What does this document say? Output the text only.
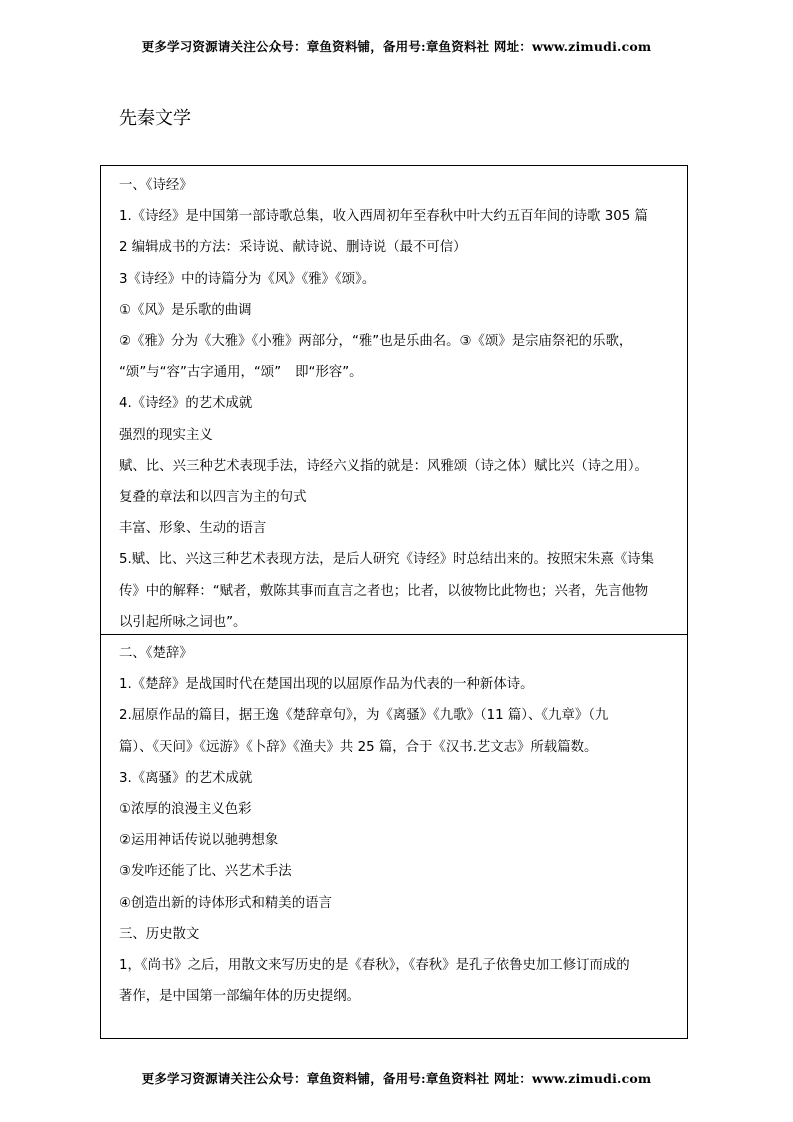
更多学习资源请关注公众号：章鱼资料铺，备用号:章鱼资料社 网址：www.zimudi.com
先秦文学

一、《诗经》

1.《诗经》是中国第一部诗歌总集，收入西周初年至春秋中叶大约五百年间的诗歌 305 篇

2 编辑成书的方法：采诗说、献诗说、删诗说（最不可信）

3《诗经》中的诗篇分为《风》《雅》《颂》。

①《风》是乐歌的曲调

②《雅》分为《大雅》《小雅》两部分，“雅”也是乐曲名。③《颂》是宗庙祭祀的乐歌，

“颂”与“容”古字通用，“颂” 即“形容”。

4.《诗经》的艺术成就

强烈的现实主义

赋、比、兴三种艺术表现手法，诗经六义指的就是：风雅颂（诗之体）赋比兴（诗之用）。

复叠的章法和以四言为主的句式

丰富、形象、生动的语言

5.赋、比、兴这三种艺术表现方法，是后人研究《诗经》时总结出来的。按照宋朱熹《诗集

传》中的解释：“赋者，敷陈其事而直言之者也；比者，以彼物比此物也；兴者，先言他物

以引起所咏之词也”。

二、《楚辞》

1.《楚辞》是战国时代在楚国出现的以屈原作品为代表的一种新体诗。

2.屈原作品的篇目，据王逸《楚辞章句》，为《离骚》《九歌》（11 篇）、《九章》（九

篇）、《天问》《远游》《卜辞》《渔夫》共 25 篇，合于《汉书.艺文志》所载篇数。

3.《离骚》的艺术成就

①浓厚的浪漫主义色彩

②运用神话传说以驰骋想象

③发咋还能了比、兴艺术手法

④创造出新的诗体形式和精美的语言

三、历史散文

1，《尚书》之后，用散文来写历史的是《春秋》，《春秋》是孔子依鲁史加工修订而成的

著作，是中国第一部编年体的历史提纲。

更多学习资源请关注公众号：章鱼资料铺，备用号:章鱼资料社 网址：www.zimudi.com
